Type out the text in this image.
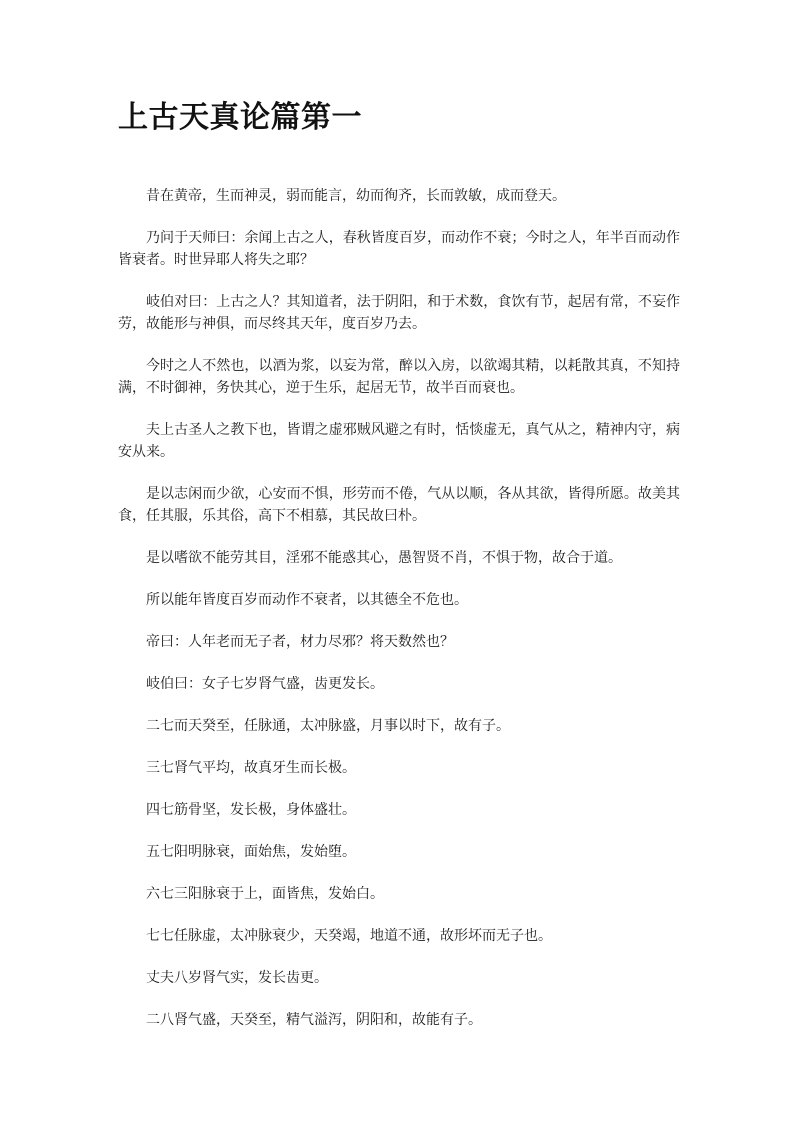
上古天真论篇第一

昔在黄帝，生而神灵，弱而能言，幼而徇齐，长而敦敏，成而登天。

乃问于天师曰：余闻上古之人，春秋皆度百岁，而动作不衰；今时之人，年半百而动作皆衰者。时世异耶人将失之耶？

岐伯对曰：上古之人？其知道者，法于阴阳，和于术数，食饮有节，起居有常，不妄作劳，故能形与神俱，而尽终其天年，度百岁乃去。

今时之人不然也，以酒为浆，以妄为常，醉以入房，以欲竭其精，以耗散其真，不知持满，不时御神，务快其心，逆于生乐，起居无节，故半百而衰也。

夫上古圣人之教下也，皆谓之虚邪贼风避之有时，恬惔虚无，真气从之，精神内守，病安从来。

是以志闲而少欲，心安而不惧，形劳而不倦，气从以顺，各从其欲，皆得所愿。故美其食，任其服，乐其俗，高下不相慕，其民故曰朴。

是以嗜欲不能劳其目，淫邪不能惑其心，愚智贤不肖，不惧于物，故合于道。

所以能年皆度百岁而动作不衰者，以其德全不危也。

帝曰：人年老而无子者，材力尽邪？将天数然也？

岐伯曰：女子七岁肾气盛，齿更发长。

二七而天癸至，任脉通，太冲脉盛，月事以时下，故有子。

三七肾气平均，故真牙生而长极。

四七筋骨坚，发长极，身体盛壮。

五七阳明脉衰，面始焦，发始堕。

六七三阳脉衰于上，面皆焦，发始白。

七七任脉虚，太冲脉衰少，天癸竭，地道不通，故形坏而无子也。

丈夫八岁肾气实，发长齿更。

二八肾气盛，天癸至，精气溢泻，阴阳和，故能有子。
